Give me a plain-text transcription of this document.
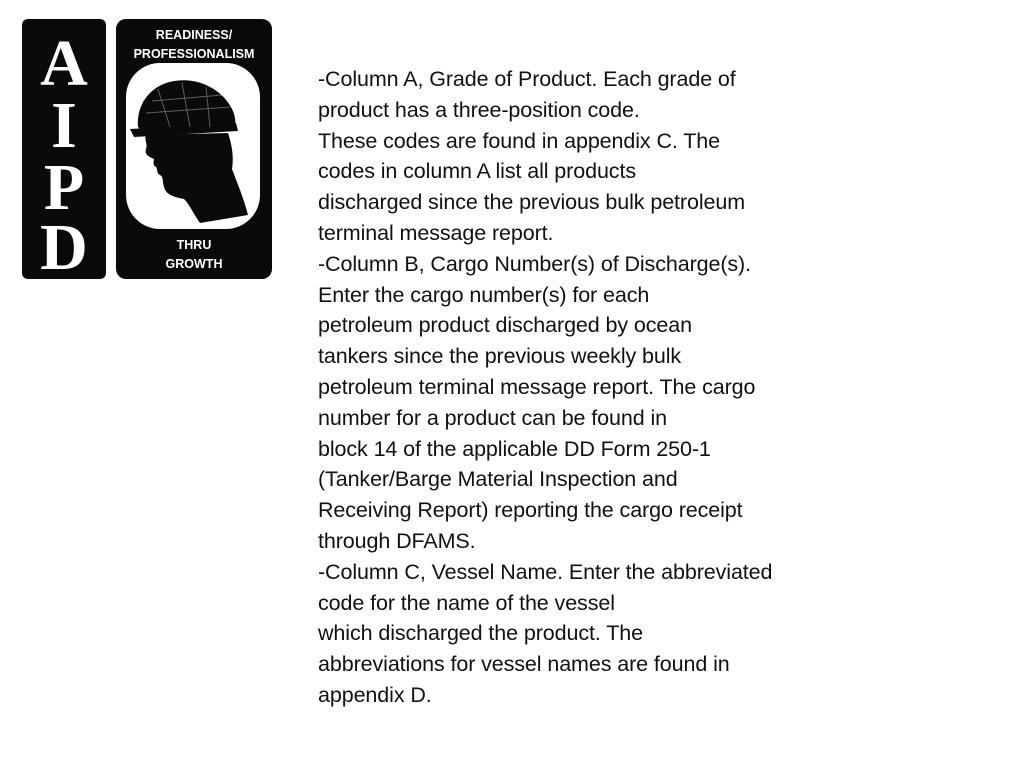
A
I
P
D
READINESS/
PROFESSIONALISM
THRU
GROWTH
-Column A, Grade of Product. Each grade of
product has a three-position code.
These codes are found in appendix C. The
codes in column A list all products
discharged since the previous bulk petroleum
terminal message report.
-Column B, Cargo Number(s) of Discharge(s).
Enter the cargo number(s) for each
petroleum product discharged by ocean
tankers since the previous weekly bulk
petroleum terminal message report. The cargo
number for a product can be found in
block 14 of the applicable DD Form 250-1
(Tanker/Barge Material Inspection and
Receiving Report) reporting the cargo receipt
through DFAMS.
-Column C, Vessel Name. Enter the abbreviated
code for the name of the vessel
which discharged the product. The
abbreviations for vessel names are found in
appendix D.
